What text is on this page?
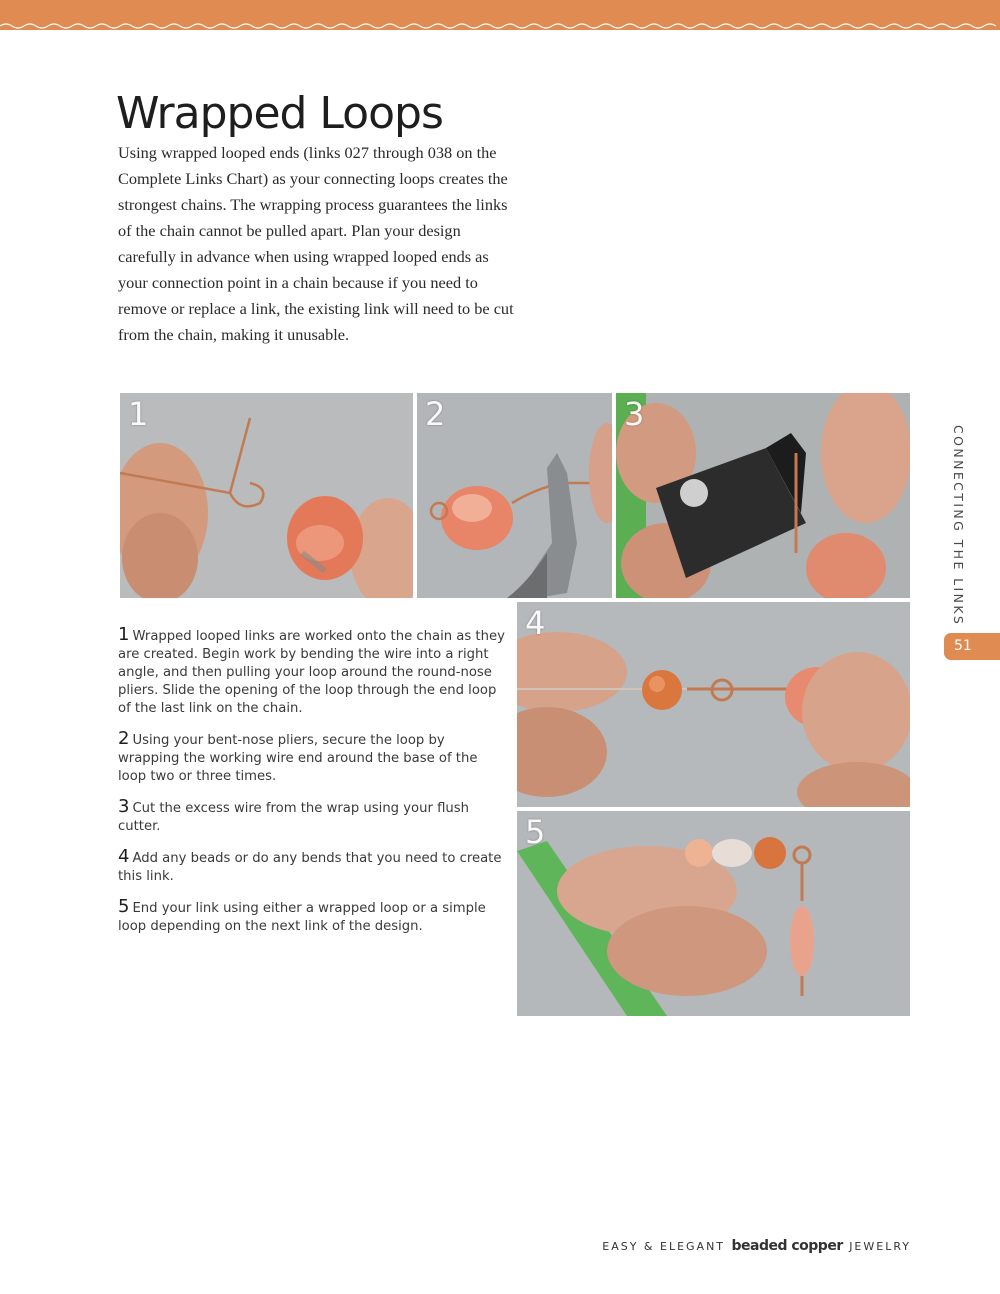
Wrapped Loops

Using wrapped looped ends (links 027 through 038 on the Complete Links Chart) as your connecting loops creates the strongest chains. The wrapping process guarantees the links of the chain cannot be pulled apart. Plan your design carefully in advance when using wrapped looped ends as your connection point in a chain because if you need to remove or replace a link, the existing link will need to be cut from the chain, making it unusable.

1	2	3
4
5

1 Wrapped looped links are worked onto the chain as they are created. Begin work by bending the wire into a right angle, and then pulling your loop around the round-nose pliers. Slide the opening of the loop through the end loop of the last link on the chain.

2 Using your bent-nose pliers, secure the loop by wrapping the working wire end around the base of the loop two or three times.

3 Cut the excess wire from the wrap using your flush cutter.

4 Add any beads or do any bends that you need to create this link.

5 End your link using either a wrapped loop or a simple loop depending on the next link of the design.

CONNECTING THE LINKS
51
EASY & ELEGANT beaded copper JEWELRY
